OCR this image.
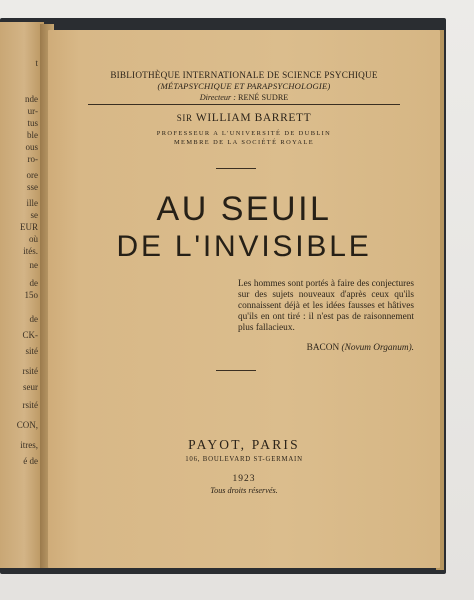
t
nde
ur-
tus
ble
ous
ro-
ore
sse
ille
se
EUR
où
ités.
ne
de
15o
de
CK-
sité
rsité
seur
rsité
CON,
itres,
é de
BIBLIOTHÈQUE INTERNATIONALE DE SCIENCE PSYCHIQUE
(MÉTAPSYCHIQUE ET PARAPSYCHOLOGIE)
Directeur : RENÉ SUDRE
SIR WILLIAM BARRETT
PROFESSEUR A L'UNIVERSITÉ DE DUBLIN
MEMBRE DE LA SOCIÉTÉ ROYALE
AU SEUIL
DE L'INVISIBLE
Les hommes sont portés à faire des conjectures sur des sujets nouveaux d'après ceux qu'ils connaissent déjà et les idées fausses et hâtives qu'ils en ont tiré : il n'est pas de raisonnement plus fallacieux.
BACON (Novum Organum).
PAYOT, PARIS
106, BOULEVARD ST-GERMAIN
1923
Tous droits réservés.
